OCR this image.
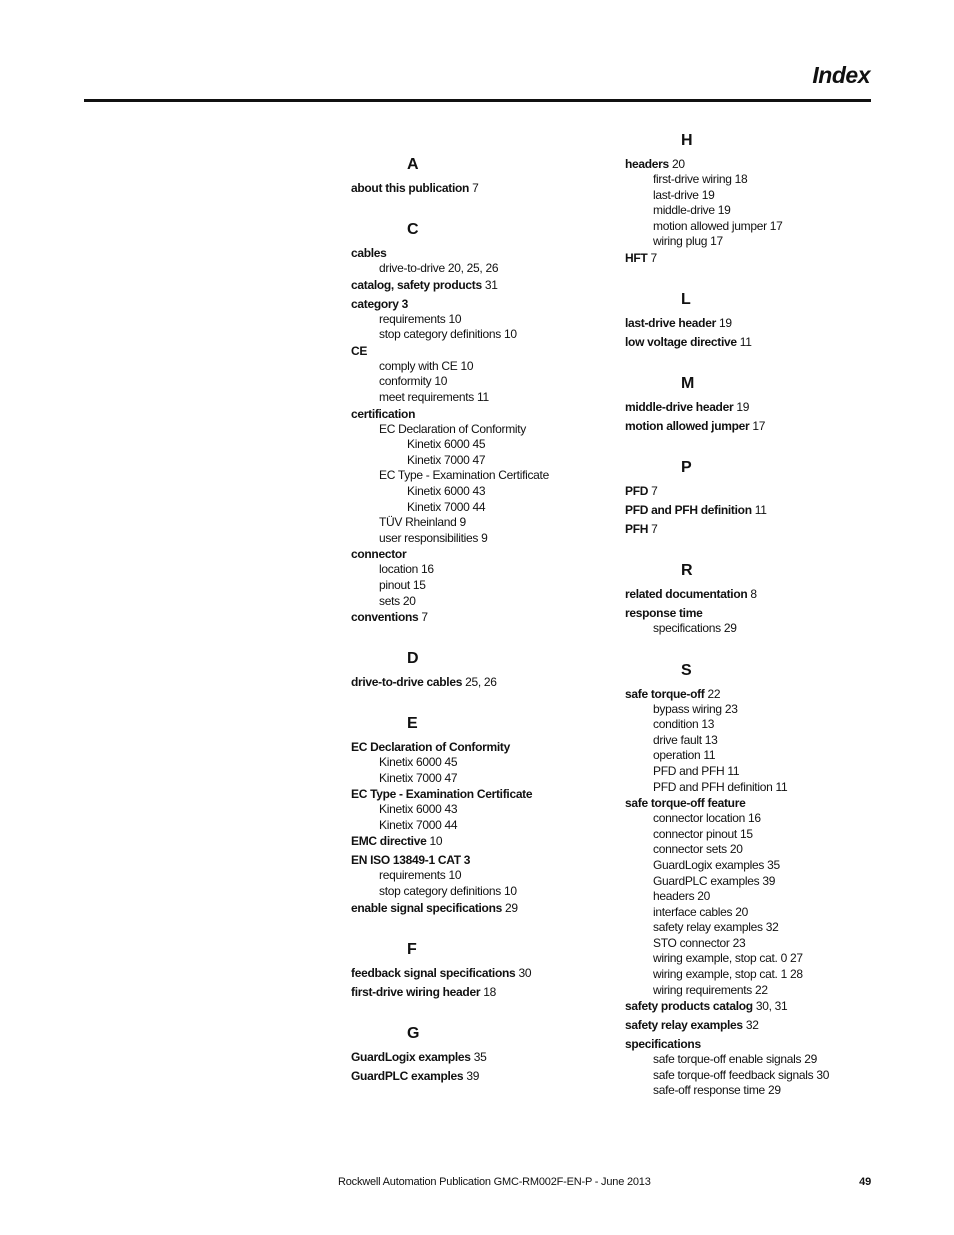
Index
A
about this publication 7
C
cables
drive-to-drive 20, 25, 26
catalog, safety products 31
category 3
requirements 10
stop category definitions 10
CE
comply with CE 10
conformity 10
meet requirements 11
certification
EC Declaration of Conformity
Kinetix 6000 45
Kinetix 7000 47
EC Type - Examination Certificate
Kinetix 6000 43
Kinetix 7000 44
TÜV Rheinland 9
user responsibilities 9
connector
location 16
pinout 15
sets 20
conventions 7
D
drive-to-drive cables 25, 26
E
EC Declaration of Conformity
Kinetix 6000 45
Kinetix 7000 47
EC Type - Examination Certificate
Kinetix 6000 43
Kinetix 7000 44
EMC directive 10
EN ISO 13849-1 CAT 3
requirements 10
stop category definitions 10
enable signal specifications 29
F
feedback signal specifications 30
first-drive wiring header 18
G
GuardLogix examples 35
GuardPLC examples 39
H
headers 20
first-drive wiring 18
last-drive 19
middle-drive 19
motion allowed jumper 17
wiring plug 17
HFT 7
L
last-drive header 19
low voltage directive 11
M
middle-drive header 19
motion allowed jumper 17
P
PFD 7
PFD and PFH definition 11
PFH 7
R
related documentation 8
response time
specifications 29
S
safe torque-off 22
bypass wiring 23
condition 13
drive fault 13
operation 11
PFD and PFH 11
PFD and PFH definition 11
safe torque-off feature
connector location 16
connector pinout 15
connector sets 20
GuardLogix examples 35
GuardPLC examples 39
headers 20
interface cables 20
safety relay examples 32
STO connector 23
wiring example, stop cat. 0 27
wiring example, stop cat. 1 28
wiring requirements 22
safety products catalog 30, 31
safety relay examples 32
specifications
safe torque-off enable signals 29
safe torque-off feedback signals 30
safe-off response time 29
Rockwell Automation Publication GMC-RM002F-EN-P - June 2013	49
